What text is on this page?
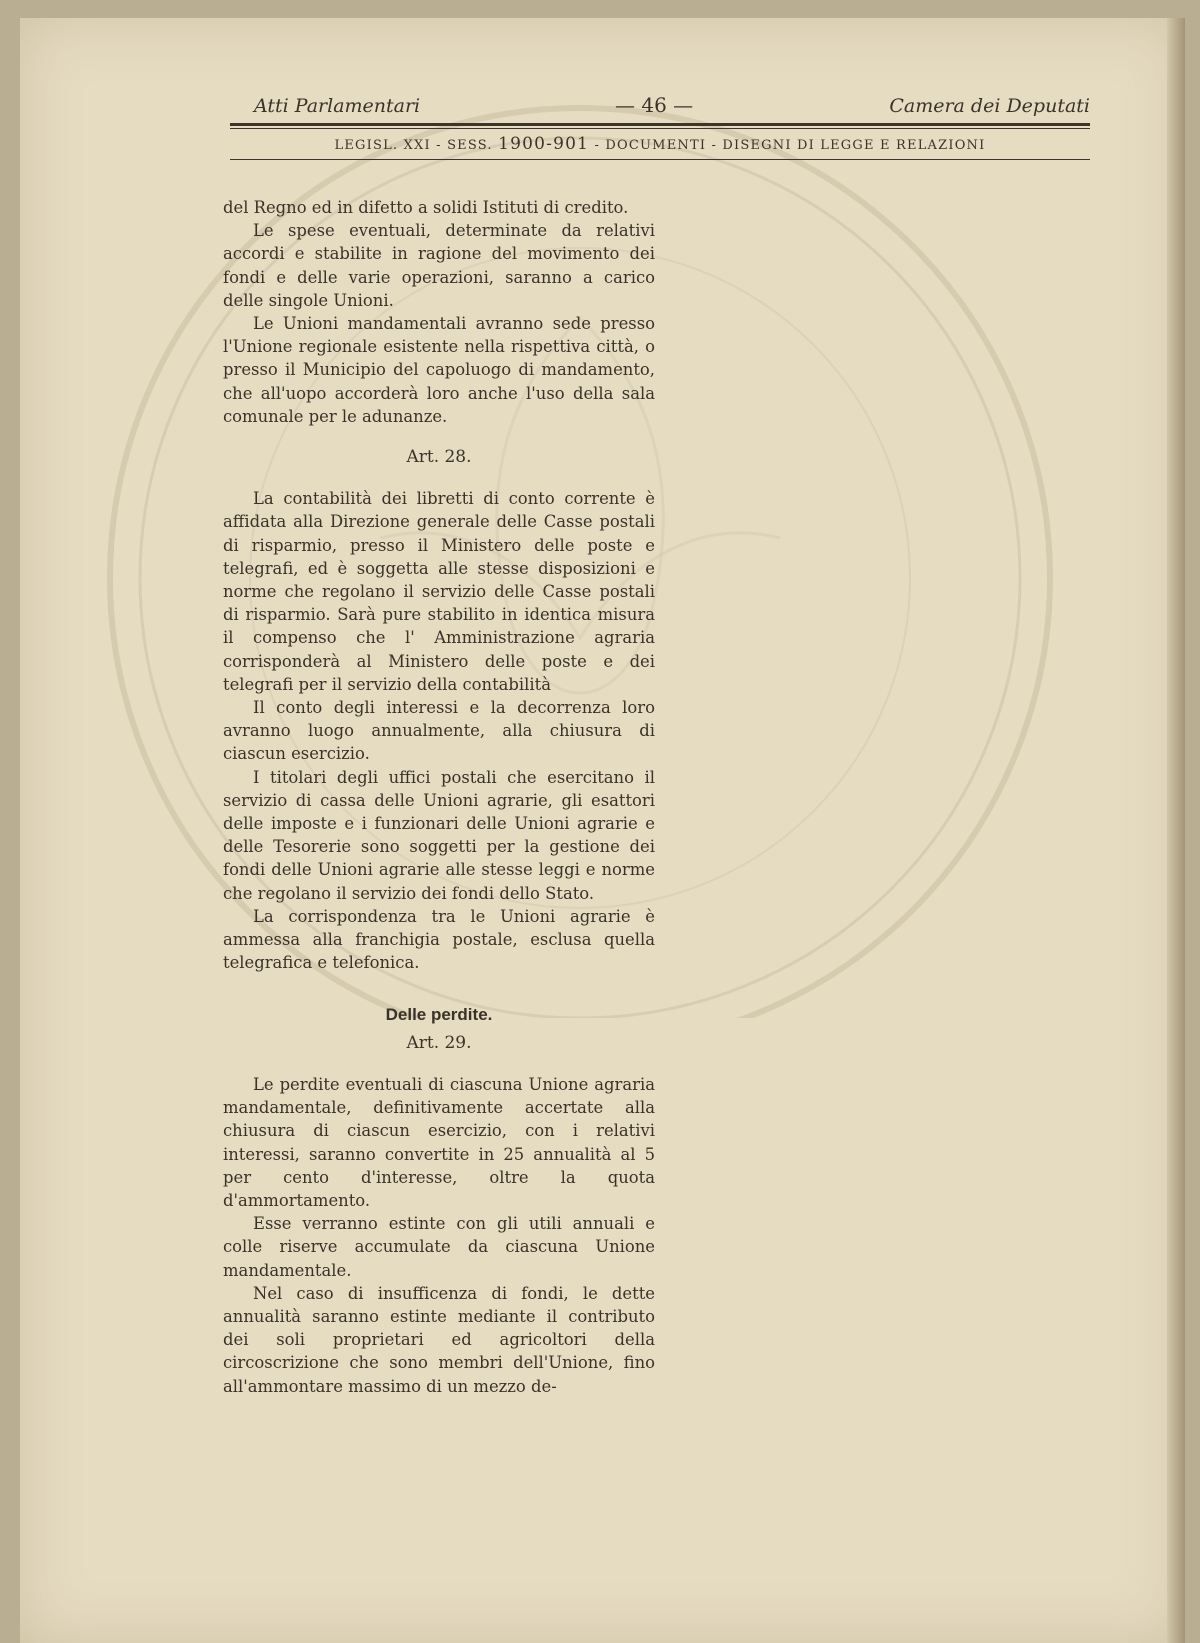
Atti Parlamentari	— 46 —	Camera dei Deputati
LEGISL. XXI - SESS. 1900-901 - DOCUMENTI - DISEGNI DI LEGGE E RELAZIONI

del Regno ed in difetto a solidi Istituti di credito.

Le spese eventuali, determinate da relativi accordi e stabilite in ragione del movimento dei fondi e delle varie operazioni, saranno a carico delle singole Unioni.

Le Unioni mandamentali avranno sede presso l'Unione regionale esistente nella rispettiva città, o presso il Municipio del capoluogo di mandamento, che all'uopo accorderà loro anche l'uso della sala comunale per le adunanze.

Art. 28.

La contabilità dei libretti di conto corrente è affidata alla Direzione generale delle Casse postali di risparmio, presso il Ministero delle poste e telegrafi, ed è soggetta alle stesse disposizioni e norme che regolano il servizio delle Casse postali di risparmio. Sarà pure stabilito in identica misura il compenso che l' Amministrazione agraria corrisponderà al Ministero delle poste e dei telegrafi per il servizio della contabilità

Il conto degli interessi e la decorrenza loro avranno luogo annualmente, alla chiusura di ciascun esercizio.

I titolari degli uffici postali che esercitano il servizio di cassa delle Unioni agrarie, gli esattori delle imposte e i funzionari delle Unioni agrarie e delle Tesorerie sono soggetti per la gestione dei fondi delle Unioni agrarie alle stesse leggi e norme che regolano il servizio dei fondi dello Stato.

La corrispondenza tra le Unioni agrarie è ammessa alla franchigia postale, esclusa quella telegrafica e telefonica.

Delle perdite.
Art. 29.

Le perdite eventuali di ciascuna Unione agraria mandamentale, definitivamente accertate alla chiusura di ciascun esercizio, con i relativi interessi, saranno convertite in 25 annualità al 5 per cento d'interesse, oltre la quota d'ammortamento.

Esse verranno estinte con gli utili annuali e colle riserve accumulate da ciascuna Unione mandamentale.

Nel caso di insufficenza di fondi, le dette annualità saranno estinte mediante il contributo dei soli proprietari ed agricoltori della circoscrizione che sono membri dell'Unione, fino all'ammontare massimo di un mezzo de-
